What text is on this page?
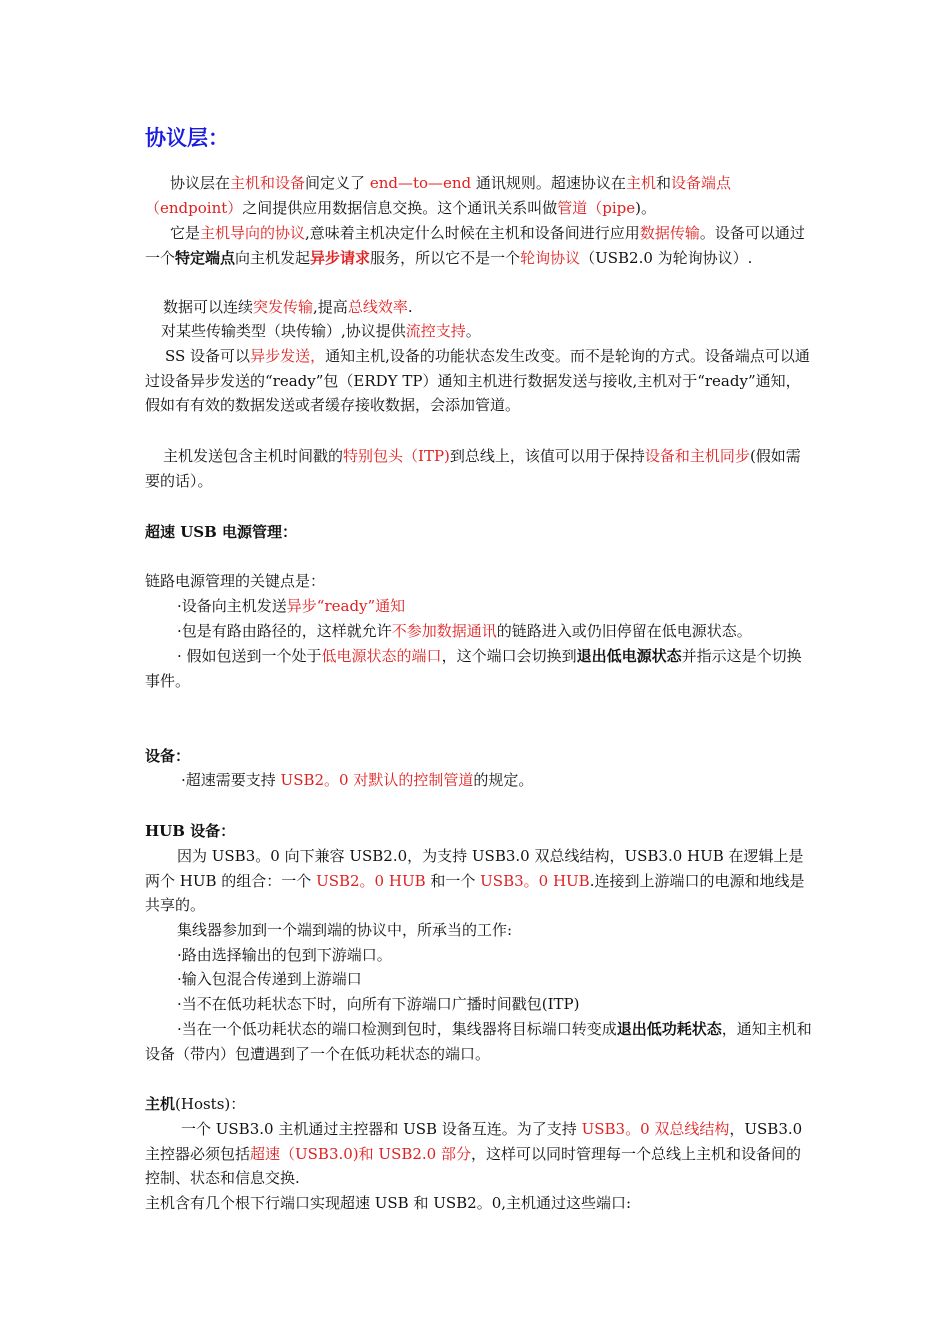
协议层：
协议层在主机和设备间定义了 end—to—end 通讯规则。超速协议在主机和设备端点（endpoint）之间提供应用数据信息交换。这个通讯关系叫做管道（pipe)。
它是主机导向的协议,意味着主机决定什么时候在主机和设备间进行应用数据传输。设备可以通过一个特定端点向主机发起异步请求服务，所以它不是一个轮询协议（USB2.0 为轮询协议）.
数据可以连续突发传输,提高总线效率.
对某些传输类型（块传输）,协议提供流控支持。
SS 设备可以异步发送，通知主机,设备的功能状态发生改变。而不是轮询的方式。设备端点可以通过设备异步发送的“ready”包（ERDY TP）通知主机进行数据发送与接收,主机对于“ready”通知，假如有有效的数据发送或者缓存接收数据，会添加管道。
主机发送包含主机时间戳的特别包头（ITP)到总线上，该值可以用于保持设备和主机同步(假如需要的话）。
超速 USB 电源管理：
链路电源管理的关键点是：
·设备向主机发送异步“ready”通知
·包是有路由路径的，这样就允许不参加数据通讯的链路进入或仍旧停留在低电源状态。
· 假如包送到一个处于低电源状态的端口，这个端口会切换到退出低电源状态并指示这是个切换事件。
设备：
·超速需要支持 USB2。0 对默认的控制管道的规定。
HUB 设备：
因为 USB3。0 向下兼容 USB2.0，为支持 USB3.0 双总线结构，USB3.0 HUB 在逻辑上是两个 HUB 的组合：一个 USB2。0 HUB 和一个 USB3。0 HUB.连接到上游端口的电源和地线是共享的。
集线器参加到一个端到端的协议中，所承当的工作:
·路由选择输出的包到下游端口。
·输入包混合传递到上游端口
·当不在低功耗状态下时，向所有下游端口广播时间戳包(ITP)
·当在一个低功耗状态的端口检测到包时，集线器将目标端口转变成退出低功耗状态，通知主机和设备（带内）包遭遇到了一个在低功耗状态的端口。
主机(Hosts)：
一个 USB3.0 主机通过主控器和 USB 设备互连。为了支持 USB3。0 双总线结构，USB3.0 主控器必须包括超速（USB3.0)和 USB2.0 部分，这样可以同时管理每一个总线上主机和设备间的控制、状态和信息交换.
主机含有几个根下行端口实现超速 USB 和 USB2。0,主机通过这些端口:
